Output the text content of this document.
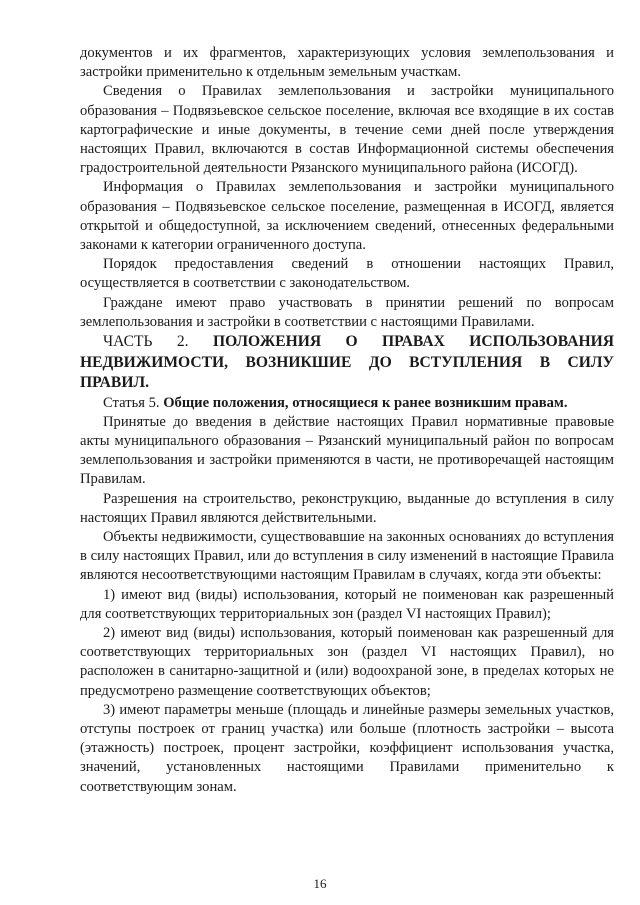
документов и их фрагментов, характеризующих условия землепользования и застройки применительно к отдельным земельным участкам.

Сведения о Правилах землепользования и застройки муниципального образования – Подвязьевское сельское поселение, включая все входящие в их состав картографические и иные документы, в течение семи дней после утверждения настоящих Правил, включаются в состав Информационной системы обеспечения градостроительной деятельности Рязанского муниципального района (ИСОГД).

Информация о Правилах землепользования и застройки муниципального образования – Подвязьевское сельское поселение, размещенная в ИСОГД, является открытой и общедоступной, за исключением сведений, отнесенных федеральными законами к категории ограниченного доступа.

Порядок предоставления сведений в отношении настоящих Правил, осуществляется в соответствии с законодательством.

Граждане имеют право участвовать в принятии решений по вопросам землепользования и застройки в соответствии с настоящими Правилами.

ЧАСТЬ 2. ПОЛОЖЕНИЯ О ПРАВАХ ИСПОЛЬЗОВАНИЯ НЕДВИЖИМОСТИ, ВОЗНИКШИЕ ДО ВСТУПЛЕНИЯ В СИЛУ ПРАВИЛ.

Статья 5. Общие положения, относящиеся к ранее возникшим правам.

Принятые до введения в действие настоящих Правил нормативные правовые акты муниципального образования – Рязанский муниципальный район по вопросам землепользования и застройки применяются в части, не противоречащей настоящим Правилам.

Разрешения на строительство, реконструкцию, выданные до вступления в силу настоящих Правил являются действительными.

Объекты недвижимости, существовавшие на законных основаниях до вступления в силу настоящих Правил, или до вступления в силу изменений в настоящие Правила являются несоответствующими настоящим Правилам в случаях, когда эти объекты:

1) имеют вид (виды) использования, который не поименован как разрешенный для соответствующих территориальных зон (раздел VI настоящих Правил);

2) имеют вид (виды) использования, который поименован как разрешенный для соответствующих территориальных зон (раздел VI настоящих Правил), но расположен в санитарно-защитной и (или) водоохраной зоне, в пределах которых не предусмотрено размещение соответствующих объектов;

3) имеют параметры меньше (площадь и линейные размеры земельных участков, отступы построек от границ участка) или больше (плотность застройки – высота (этажность) построек, процент застройки, коэффициент использования участка, значений, установленных настоящими Правилами применительно к соответствующим зонам.

16
